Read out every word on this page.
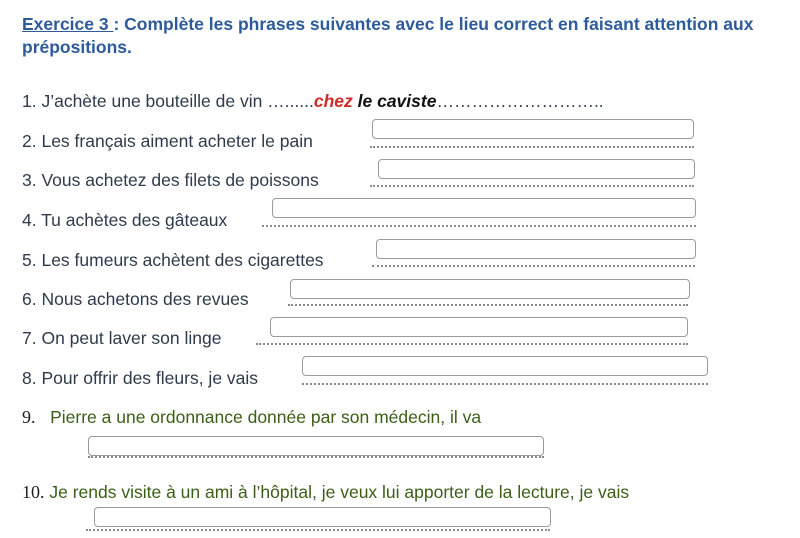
Exercice 3 : Complète les phrases suivantes avec le lieu correct en faisant attention aux prépositions.
1. J’achète une bouteille de vin …......chez le caviste………………………..
2. Les français aiment acheter le pain
3. Vous achetez des filets de poissons
4. Tu achètes des gâteaux
5. Les fumeurs achètent des cigarettes
6. Nous achetons des revues
7. On peut laver son linge
8. Pour offrir des fleurs, je vais
9. Pierre a une ordonnance donnée par son médecin, il va
10. Je rends visite à un ami à l’hôpital, je veux lui apporter de la lecture, je vais
